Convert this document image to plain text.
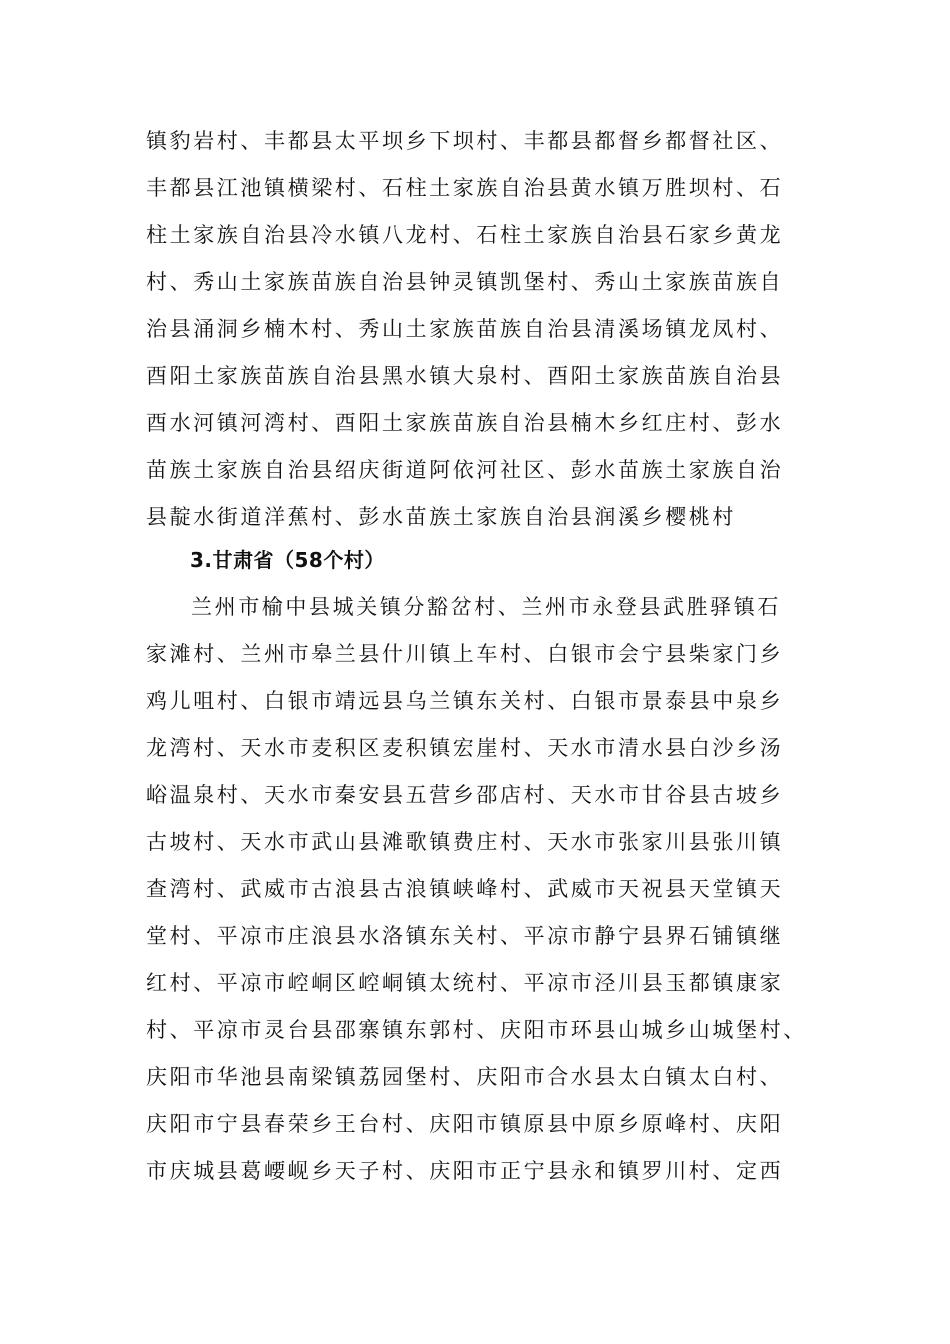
镇豹岩村、丰都县太平坝乡下坝村、丰都县都督乡都督社区、
丰都县江池镇横梁村、石柱土家族自治县黄水镇万胜坝村、石
柱土家族自治县冷水镇八龙村、石柱土家族自治县石家乡黄龙
村、秀山土家族苗族自治县钟灵镇凯堡村、秀山土家族苗族自
治县涌洞乡楠木村、秀山土家族苗族自治县清溪场镇龙凤村、
酉阳土家族苗族自治县黑水镇大泉村、酉阳土家族苗族自治县
酉水河镇河湾村、酉阳土家族苗族自治县楠木乡红庄村、彭水
苗族土家族自治县绍庆街道阿依河社区、彭水苗族土家族自治
县靛水街道洋蕉村、彭水苗族土家族自治县润溪乡樱桃村
3.甘肃省（58个村）
兰州市榆中县城关镇分豁岔村、兰州市永登县武胜驿镇石
家滩村、兰州市皋兰县什川镇上车村、白银市会宁县柴家门乡
鸡儿咀村、白银市靖远县乌兰镇东关村、白银市景泰县中泉乡
龙湾村、天水市麦积区麦积镇宏崖村、天水市清水县白沙乡汤
峪温泉村、天水市秦安县五营乡邵店村、天水市甘谷县古坡乡
古坡村、天水市武山县滩歌镇费庄村、天水市张家川县张川镇
查湾村、武威市古浪县古浪镇峡峰村、武威市天祝县天堂镇天
堂村、平凉市庄浪县水洛镇东关村、平凉市静宁县界石铺镇继
红村、平凉市崆峒区崆峒镇太统村、平凉市泾川县玉都镇康家
村、平凉市灵台县邵寨镇东郭村、庆阳市环县山城乡山城堡村、
庆阳市华池县南梁镇荔园堡村、庆阳市合水县太白镇太白村、
庆阳市宁县春荣乡王台村、庆阳市镇原县中原乡原峰村、庆阳
市庆城县葛崾岘乡天子村、庆阳市正宁县永和镇罗川村、定西
